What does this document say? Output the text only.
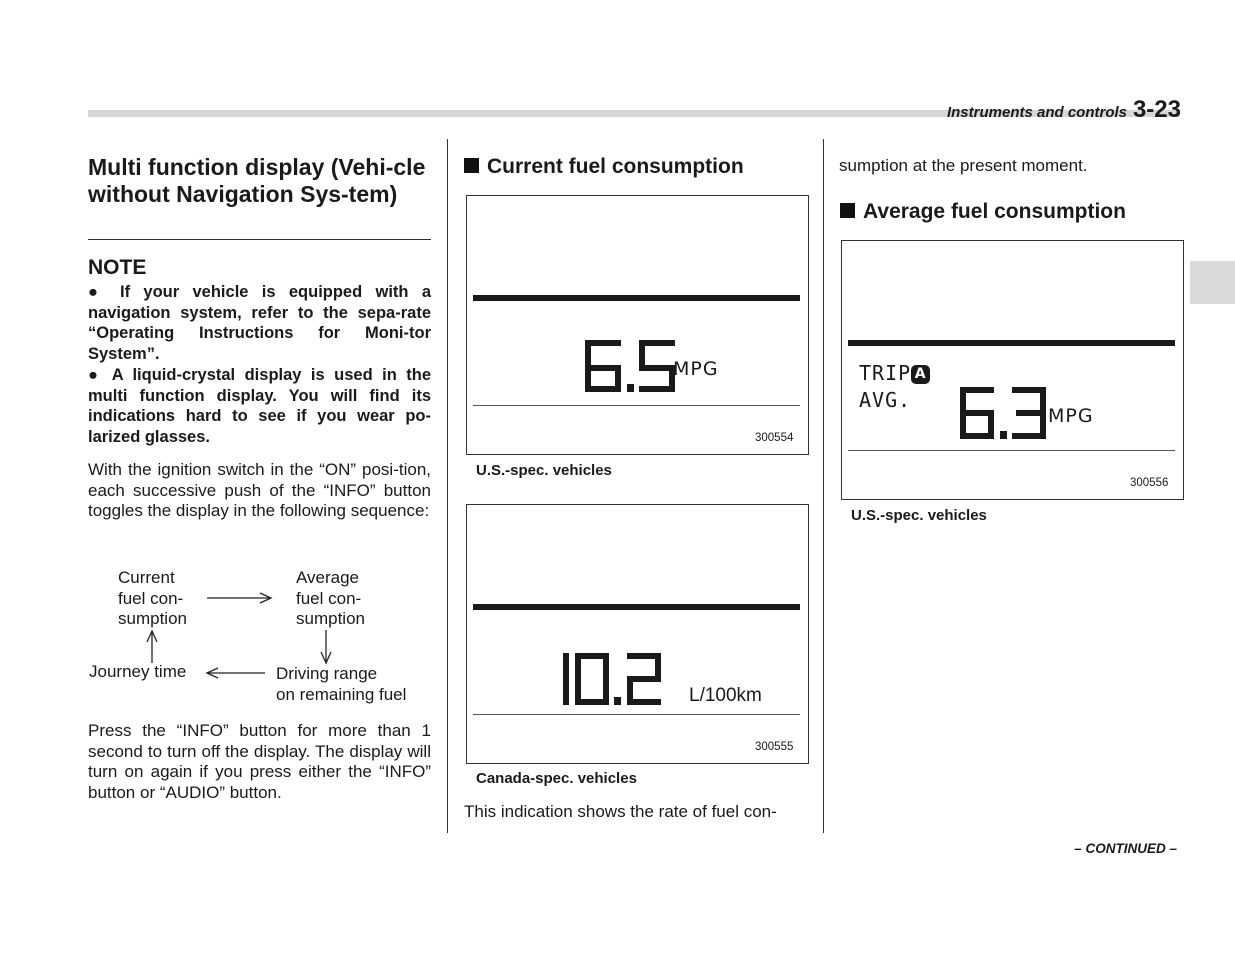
Instruments and controls 3-23
Multi function display (Vehi-cle without Navigation Sys-tem)
NOTE
● If your vehicle is equipped with a navigation system, refer to the sepa-rate “Operating Instructions for Moni-tor System”.
● A liquid-crystal display is used in the multi function display. You will find its indications hard to see if you wear po-larized glasses.
With the ignition switch in the “ON” posi-tion, each successive push of the “INFO” button toggles the display in the following sequence:
Current
fuel con-
sumption
Average
fuel con-
sumption
Driving range
on remaining fuel
Journey time
Press the “INFO” button for more than 1 second to turn off the display. The display will turn on again if you press either the “INFO” button or “AUDIO” button.
Current fuel consumption
MPG
300554
U.S.-spec. vehicles
L/100km
300555
Canada-spec. vehicles
This indication shows the rate of fuel con-
sumption at the present moment.
Average fuel consumption
TRIP A
AVG.
MPG
300556
U.S.-spec. vehicles
– CONTINUED –
